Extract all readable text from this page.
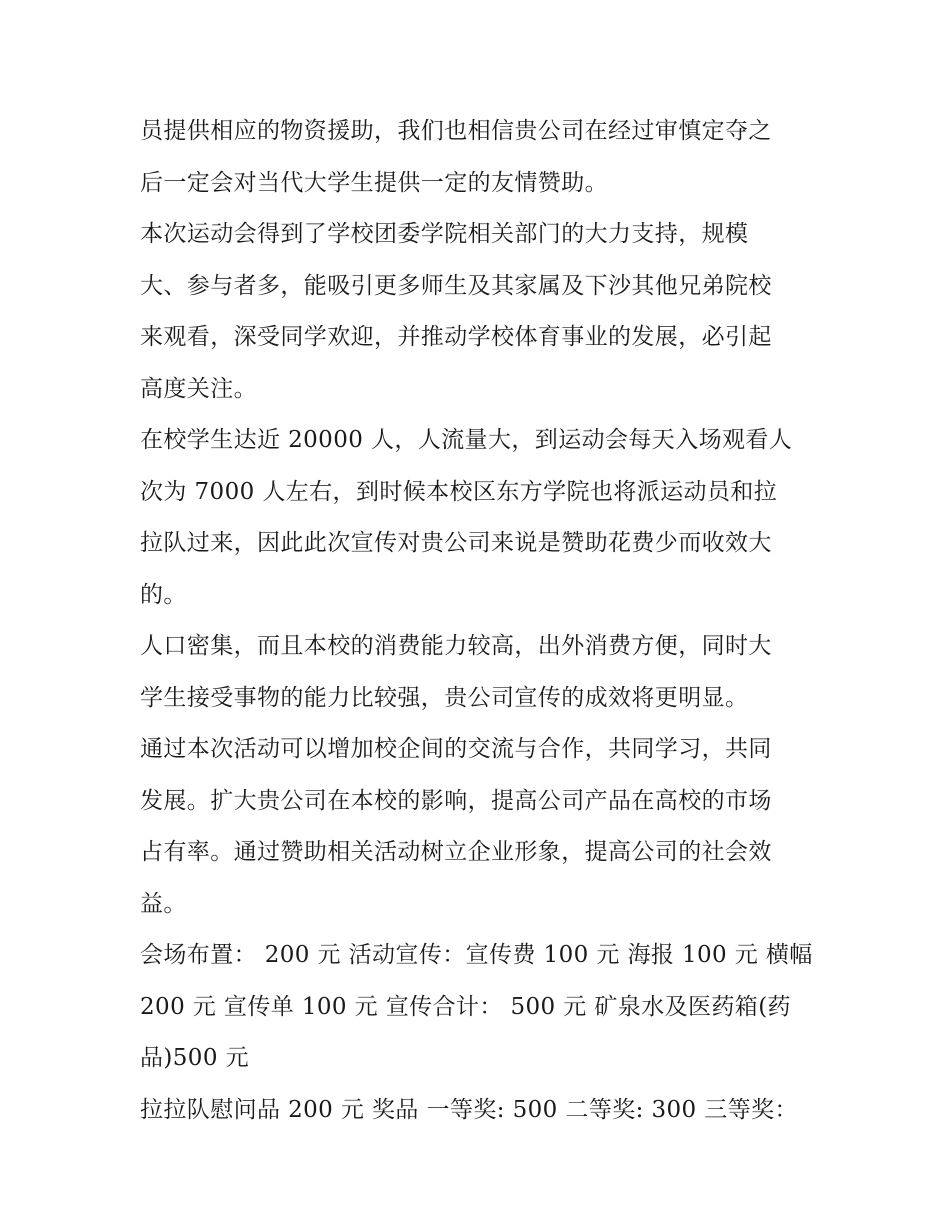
员提供相应的物资援助，我们也相信贵公司在经过审慎定夺之
后一定会对当代大学生提供一定的友情赞助。
本次运动会得到了学校团委学院相关部门的大力支持，规模
大、参与者多，能吸引更多师生及其家属及下沙其他兄弟院校
来观看，深受同学欢迎，并推动学校体育事业的发展，必引起
高度关注。
在校学生达近 20000 人，人流量大，到运动会每天入场观看人
次为 7000 人左右，到时候本校区东方学院也将派运动员和拉
拉队过来，因此此次宣传对贵公司来说是赞助花费少而收效大
的。
人口密集，而且本校的消费能力较高，出外消费方便，同时大
学生接受事物的能力比较强，贵公司宣传的成效将更明显。
通过本次活动可以增加校企间的交流与合作，共同学习，共同
发展。扩大贵公司在本校的影响，提高公司产品在高校的市场
占有率。通过赞助相关活动树立企业形象，提高公司的社会效
益。
会场布置： 200 元 活动宣传：宣传费 100 元 海报 100 元 横幅
200 元 宣传单 100 元 宣传合计： 500 元 矿泉水及医药箱(药
品)500 元
拉拉队慰问品 200 元 奖品 一等奖: 500 二等奖: 300 三等奖：
